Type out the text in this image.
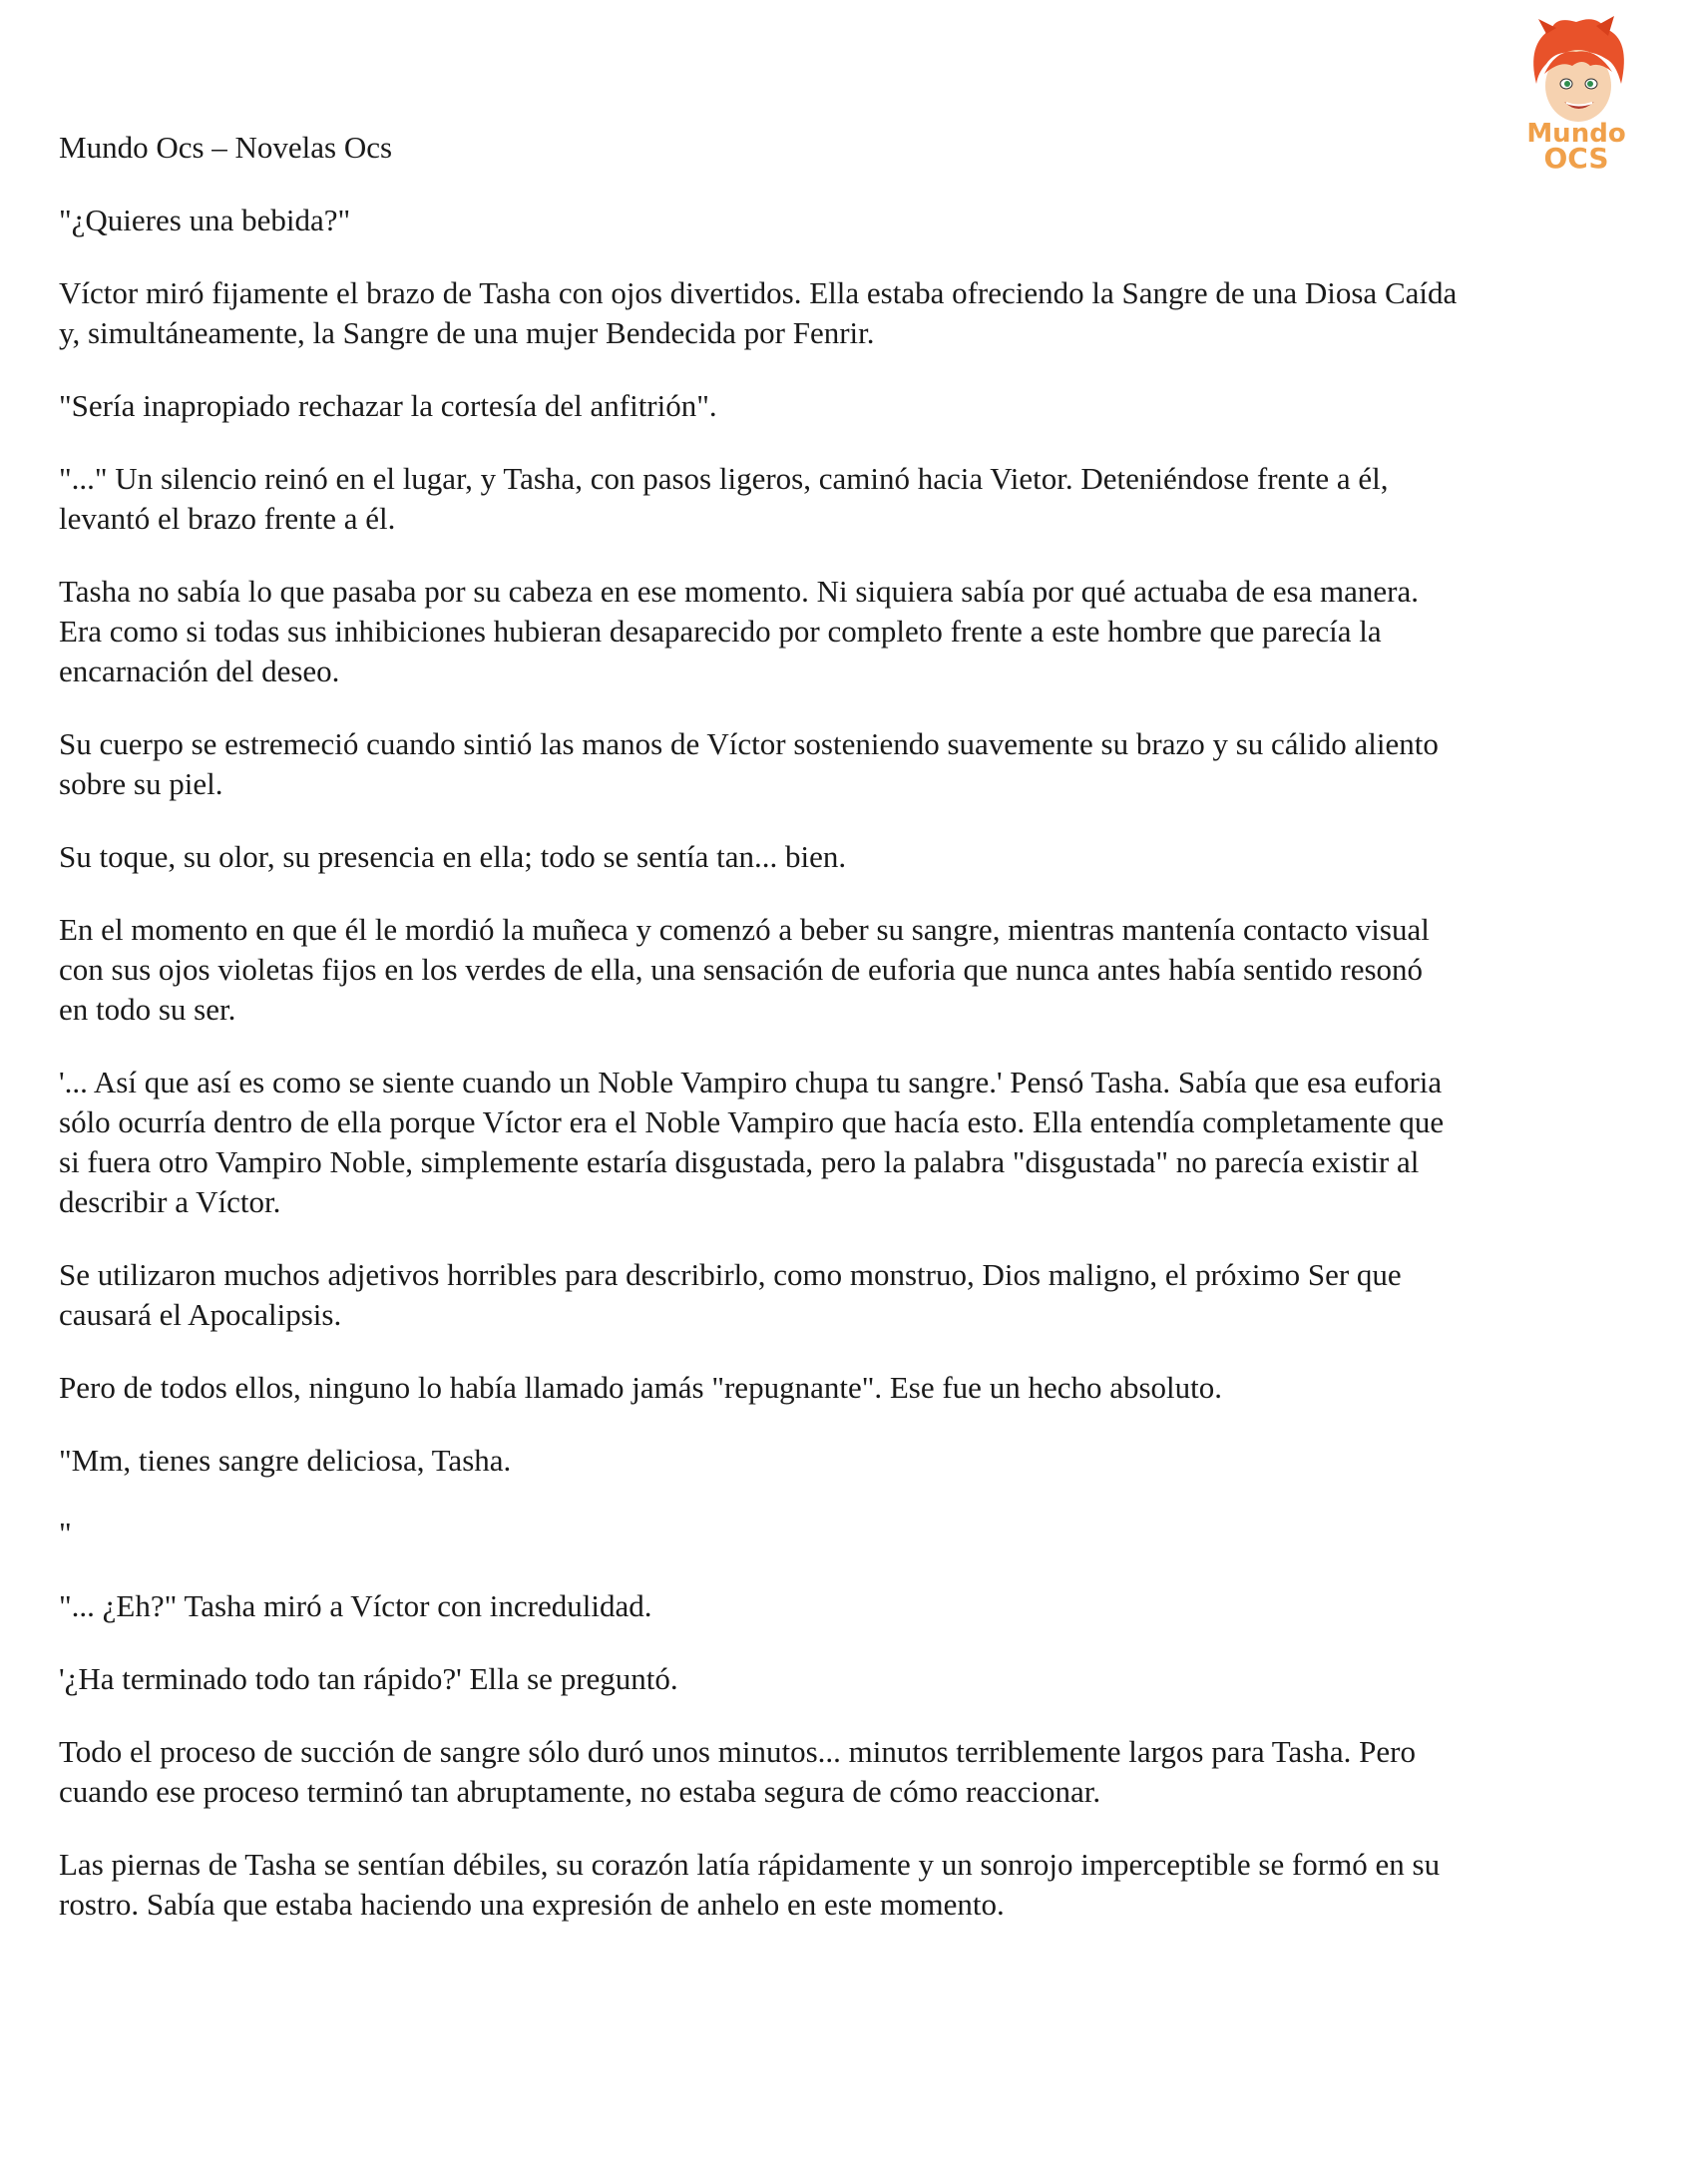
Mundo
OCS
Mundo Ocs – Novelas Ocs

"¿Quieres una bebida?"

Víctor miró fijamente el brazo de Tasha con ojos divertidos. Ella estaba ofreciendo la Sangre de una Diosa Caída
y, simultáneamente, la Sangre de una mujer Bendecida por Fenrir.

"Sería inapropiado rechazar la cortesía del anfitrión".

"..." Un silencio reinó en el lugar, y Tasha, con pasos ligeros, caminó hacia Vietor. Deteniéndose frente a él,
levantó el brazo frente a él.

Tasha no sabía lo que pasaba por su cabeza en ese momento. Ni siquiera sabía por qué actuaba de esa manera.
Era como si todas sus inhibiciones hubieran desaparecido por completo frente a este hombre que parecía la
encarnación del deseo.

Su cuerpo se estremeció cuando sintió las manos de Víctor sosteniendo suavemente su brazo y su cálido aliento
sobre su piel.

Su toque, su olor, su presencia en ella; todo se sentía tan... bien.

En el momento en que él le mordió la muñeca y comenzó a beber su sangre, mientras mantenía contacto visual
con sus ojos violetas fijos en los verdes de ella, una sensación de euforia que nunca antes había sentido resonó
en todo su ser.

'... Así que así es como se siente cuando un Noble Vampiro chupa tu sangre.' Pensó Tasha. Sabía que esa euforia
sólo ocurría dentro de ella porque Víctor era el Noble Vampiro que hacía esto. Ella entendía completamente que
si fuera otro Vampiro Noble, simplemente estaría disgustada, pero la palabra "disgustada" no parecía existir al
describir a Víctor.

Se utilizaron muchos adjetivos horribles para describirlo, como monstruo, Dios maligno, el próximo Ser que
causará el Apocalipsis.

Pero de todos ellos, ninguno lo había llamado jamás "repugnante". Ese fue un hecho absoluto.

"Mm, tienes sangre deliciosa, Tasha.

"

"... ¿Eh?" Tasha miró a Víctor con incredulidad.

'¿Ha terminado todo tan rápido?' Ella se preguntó.

Todo el proceso de succión de sangre sólo duró unos minutos... minutos terriblemente largos para Tasha. Pero
cuando ese proceso terminó tan abruptamente, no estaba segura de cómo reaccionar.

Las piernas de Tasha se sentían débiles, su corazón latía rápidamente y un sonrojo imperceptible se formó en su
rostro. Sabía que estaba haciendo una expresión de anhelo en este momento.
